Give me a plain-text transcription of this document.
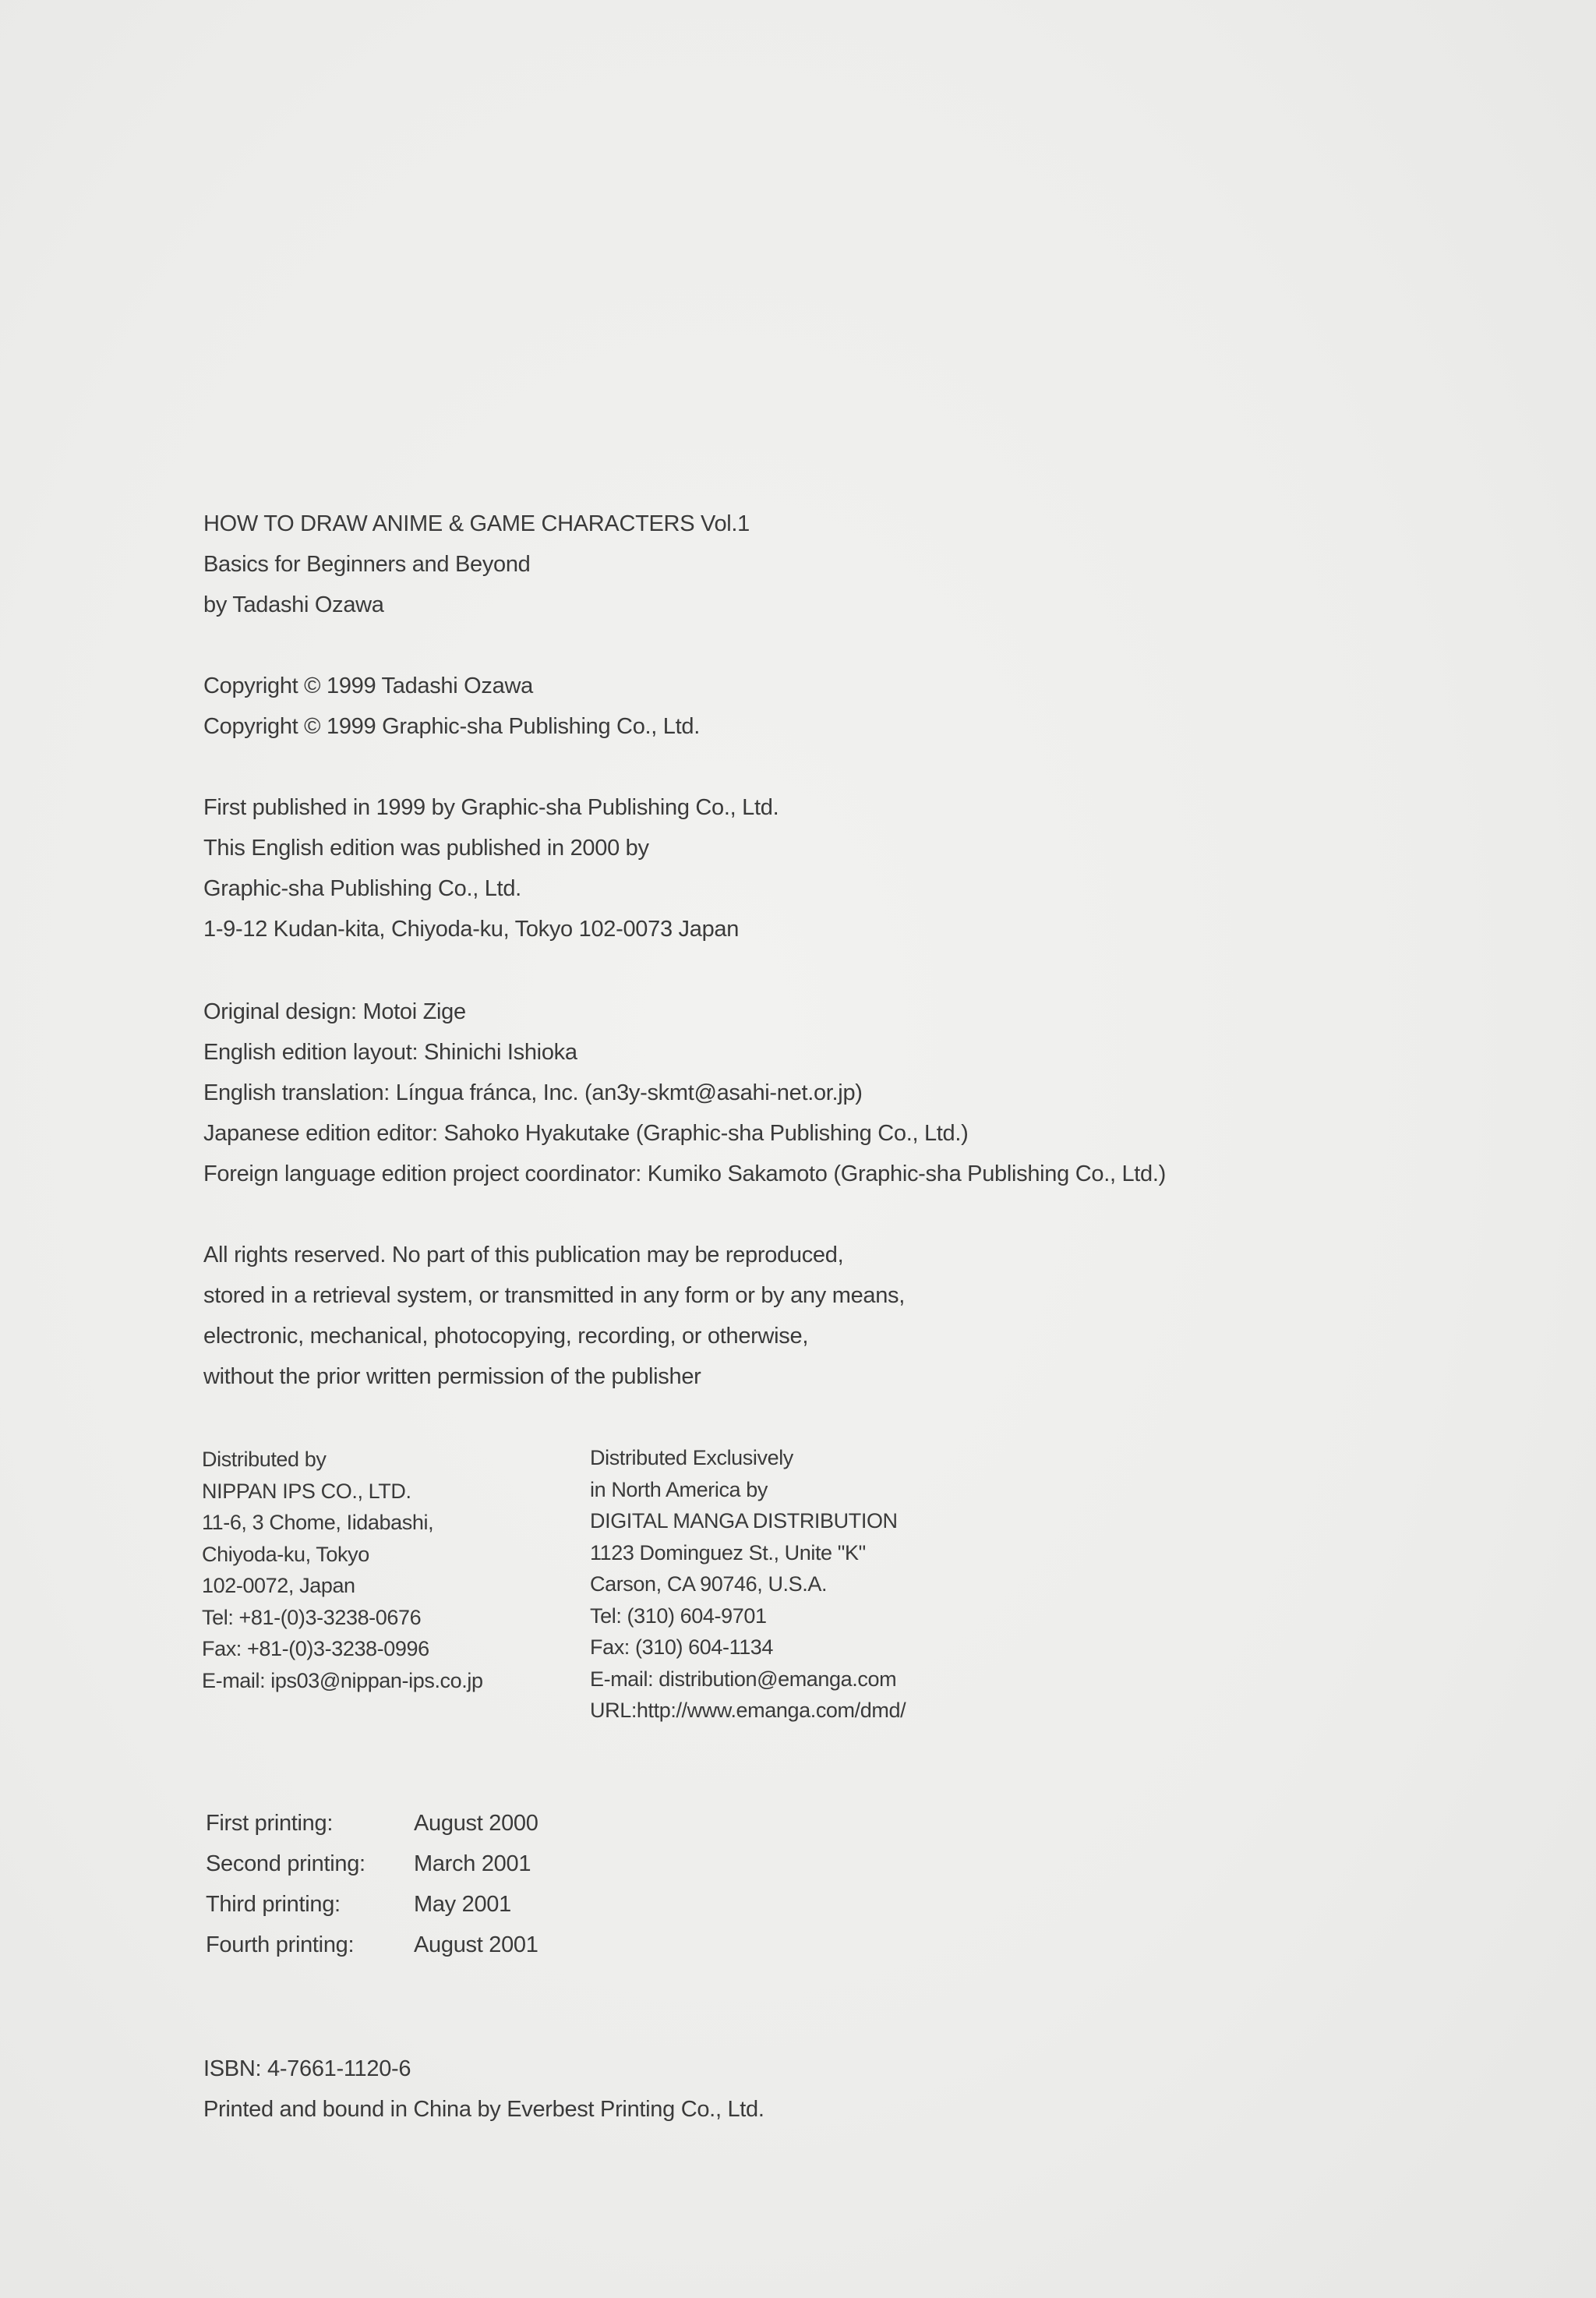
HOW TO DRAW ANIME & GAME CHARACTERS Vol.1
Basics for Beginners and Beyond
by Tadashi Ozawa
Copyright © 1999 Tadashi Ozawa
Copyright © 1999 Graphic-sha Publishing Co., Ltd.
First published in 1999 by Graphic-sha Publishing Co., Ltd.
This English edition was published in 2000 by
Graphic-sha Publishing Co., Ltd.
1-9-12 Kudan-kita, Chiyoda-ku, Tokyo 102-0073 Japan
Original design: Motoi Zige
English edition layout: Shinichi Ishioka
English translation: Língua fránca, Inc. (an3y-skmt@asahi-net.or.jp)
Japanese edition editor: Sahoko Hyakutake (Graphic-sha Publishing Co., Ltd.)
Foreign language edition project coordinator: Kumiko Sakamoto (Graphic-sha Publishing Co., Ltd.)
All rights reserved. No part of this publication may be reproduced,
stored in a retrieval system, or transmitted in any form or by any means,
electronic, mechanical, photocopying, recording, or otherwise,
without the prior written permission of the publisher
Distributed by
NIPPAN IPS CO., LTD.
11-6, 3 Chome, Iidabashi,
Chiyoda-ku, Tokyo
102-0072, Japan
Tel: +81-(0)3-3238-0676
Fax: +81-(0)3-3238-0996
E-mail: ips03@nippan-ips.co.jp
Distributed Exclusively
in North America by
DIGITAL MANGA DISTRIBUTION
1123 Dominguez St., Unite "K"
Carson, CA 90746, U.S.A.
Tel: (310) 604-9701
Fax: (310) 604-1134
E-mail: distribution@emanga.com
URL:http://www.emanga.com/dmd/
First printing:	August 2000
Second printing:	March 2001
Third printing:	May 2001
Fourth printing:	August 2001
ISBN: 4-7661-1120-6
Printed and bound in China by Everbest Printing Co., Ltd.
